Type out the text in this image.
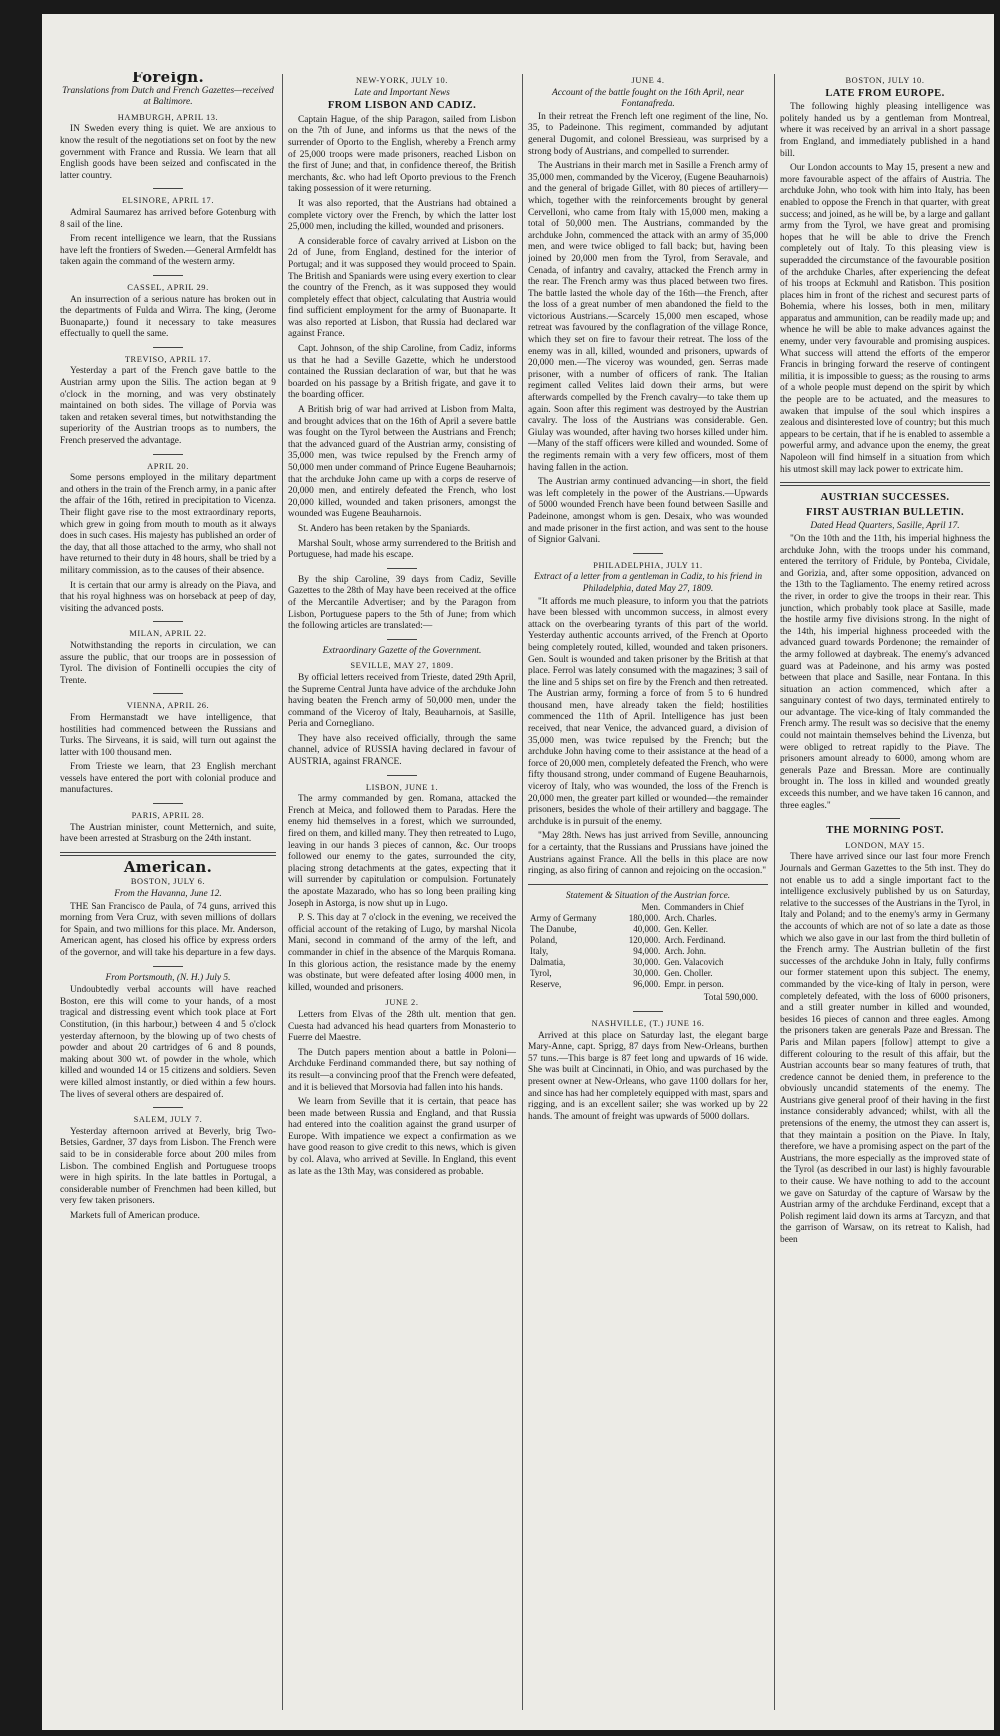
Foreign.
Translations from Dutch and French Gazettes—received at Baltimore.
HAMBURGH, APRIL 13.

IN Sweden every thing is quiet. We are anxious to know the result of the negotiations set on foot by the new government with France and Russia. We learn that all English goods have been seized and confiscated in the latter country.

ELSINORE, APRIL 17.

Admiral Saumarez has arrived before Gotenburg with 8 sail of the line.

From recent intelligence we learn, that the Russians have left the frontiers of Sweden.—General Armfeldt has taken again the command of the western army.

CASSEL, APRIL 29.

An insurrection of a serious nature has broken out in the departments of Fulda and Wirra. The king, (Jerome Buonaparte,) found it necessary to take measures effectually to quell the same.

TREVISO, APRIL 17.

Yesterday a part of the French gave battle to the Austrian army upon the Silis. The action began at 9 o'clock in the morning, and was very obstinately maintained on both sides. The village of Porvia was taken and retaken several times, but notwithstanding the superiority of the Austrian troops as to numbers, the French preserved the advantage.

APRIL 20.

Some persons employed in the military department and others in the train of the French army, in a panic after the affair of the 16th, retired in precipitation to Vicenza. Their flight gave rise to the most extraordinary reports, which grew in going from mouth to mouth as it always does in such cases. His majesty has published an order of the day, that all those attached to the army, who shall not have returned to their duty in 48 hours, shall be tried by a military commission, as to the causes of their absence.

It is certain that our army is already on the Piava, and that his royal highness was on horseback at peep of day, visiting the advanced posts.

MILAN, APRIL 22.

Notwithstanding the reports in circulation, we can assure the public, that our troops are in possession of Tyrol. The division of Fontinelli occupies the city of Trente.

VIENNA, APRIL 26.

From Hermanstadt we have intelligence, that hostilities had commenced between the Russians and Turks. The Sirveans, it is said, will turn out against the latter with 100 thousand men.

From Trieste we learn, that 23 English merchant vessels have entered the port with colonial produce and manufactures.

PARIS, APRIL 28.

The Austrian minister, count Metternich, and suite, have been arrested at Strasburg on the 24th instant.

American.
BOSTON, JULY 6.
From the Havanna, June 12.

THE San Francisco de Paula, of 74 guns, arrived this morning from Vera Cruz, with seven millions of dollars for Spain, and two millions for this place. Mr. Anderson, American agent, has closed his office by express orders of the governor, and will take his departure in a few days.

From Portsmouth, (N. H.) July 5.

Undoubtedly verbal accounts will have reached Boston, ere this will come to your hands, of a most tragical and distressing event which took place at Fort Constitution, (in this harbour,) between 4 and 5 o'clock yesterday afternoon, by the blowing up of two chests of powder and about 20 cartridges of 6 and 8 pounds, making about 300 wt. of powder in the whole, which killed and wounded 14 or 15 citizens and soldiers. Seven were killed almost instantly, or died within a few hours. The lives of several others are despaired of.

SALEM, JULY 7.

Yesterday afternoon arrived at Beverly, brig Two-Betsies, Gardner, 37 days from Lisbon. The French were said to be in considerable force about 200 miles from Lisbon. The combined English and Portuguese troops were in high spirits. In the late battles in Portugal, a considerable number of Frenchmen had been killed, but very few taken prisoners.

Markets full of American produce.

NEW-YORK, JULY 10.
Late and Important News
FROM LISBON AND CADIZ.

Captain Hague, of the ship Paragon, sailed from Lisbon on the 7th of June, and informs us that the news of the surrender of Oporto to the English, whereby a French army of 25,000 troops were made prisoners, reached Lisbon on the first of June; and that, in confidence thereof, the British merchants, &c. who had left Oporto previous to the French taking possession of it were returning.

It was also reported, that the Austrians had obtained a complete victory over the French, by which the latter lost 25,000 men, including the killed, wounded and prisoners.

A considerable force of cavalry arrived at Lisbon on the 2d of June, from England, destined for the interior of Portugal; and it was supposed they would proceed to Spain. The British and Spaniards were using every exertion to clear the country of the French, as it was supposed they would completely effect that object, calculating that Austria would find sufficient employment for the army of Buonaparte. It was also reported at Lisbon, that Russia had declared war against France.

Capt. Johnson, of the ship Caroline, from Cadiz, informs us that he had a Seville Gazette, which he understood contained the Russian declaration of war, but that he was boarded on his passage by a British frigate, and gave it to the boarding officer.

A British brig of war had arrived at Lisbon from Malta, and brought advices that on the 16th of April a severe battle was fought on the Tyrol between the Austrians and French; that the advanced guard of the Austrian army, consisting of 35,000 men, was twice repulsed by the French army of 50,000 men under command of Prince Eugene Beauharnois; that the archduke John came up with a corps de reserve of 20,000 men, and entirely defeated the French, who lost 20,000 killed, wounded and taken prisoners, amongst the wounded was Eugene Beauharnois.

St. Andero has been retaken by the Spaniards.

Marshal Soult, whose army surrendered to the British and Portuguese, had made his escape.

By the ship Caroline, 39 days from Cadiz, Seville Gazettes to the 28th of May have been received at the office of the Mercantile Advertiser; and by the Paragon from Lisbon, Portuguese papers to the 5th of June; from which the following articles are translated:—

Extraordinary Gazette of the Government.
SEVILLE, MAY 27, 1809.

By official letters received from Trieste, dated 29th April, the Supreme Central Junta have advice of the archduke John having beaten the French army of 50,000 men, under the command of the Viceroy of Italy, Beauharnois, at Sasille, Peria and Cornegliano.

They have also received officially, through the same channel, advice of RUSSIA having declared in favour of AUSTRIA, against FRANCE.

LISBON, JUNE 1.

The army commanded by gen. Romana, attacked the French at Meica, and followed them to Paradas. Here the enemy hid themselves in a forest, which we surrounded, fired on them, and killed many. They then retreated to Lugo, leaving in our hands 3 pieces of cannon, &c. Our troops followed our enemy to the gates, surrounded the city, placing strong detachments at the gates, expecting that it will surrender by capitulation or compulsion. Fortunately the apostate Mazarado, who has so long been prailing king Joseph in Astorga, is now shut up in Lugo.

P. S. This day at 7 o'clock in the evening, we received the official account of the retaking of Lugo, by marshal Nicola Mani, second in command of the army of the left, and commander in chief in the absence of the Marquis Romana. In this glorious action, the resistance made by the enemy was obstinate, but were defeated after losing 4000 men, in killed, wounded and prisoners.

JUNE 2.

Letters from Elvas of the 28th ult. mention that gen. Cuesta had advanced his head quarters from Monasterio to Fuerre del Maestre.

The Dutch papers mention about a battle in Poloni—Archduke Ferdinand commanded there, but say nothing of its result—a convincing proof that the French were defeated, and it is believed that Morsovia had fallen into his hands.

We learn from Seville that it is certain, that peace has been made between Russia and England, and that Russia had entered into the coalition against the grand usurper of Europe. With impatience we expect a confirmation as we have good reason to give credit to this news, which is given by col. Alava, who arrived at Seville. In England, this event as late as the 13th May, was considered as probable.

JUNE 4.
Account of the battle fought on the 16th April, near Fontanafreda.

In their retreat the French left one regiment of the line, No. 35, to Padeinone. This regiment, commanded by adjutant general Dugomit, and colonel Bressieau, was surprised by a strong body of Austrians, and compelled to surrender.

The Austrians in their march met in Sasille a French army of 35,000 men, commanded by the Viceroy, (Eugene Beauharnois) and the general of brigade Gillet, with 80 pieces of artillery—which, together with the reinforcements brought by general Cervelloni, who came from Italy with 15,000 men, making a total of 50,000 men. The Austrians, commanded by the archduke John, commenced the attack with an army of 35,000 men, and were twice obliged to fall back; but, having been joined by 20,000 men from the Tyrol, from Seravale, and Cenada, of infantry and cavalry, attacked the French army in the rear. The French army was thus placed between two fires. The battle lasted the whole day of the 16th—the French, after the loss of a great number of men abandoned the field to the victorious Austrians.—Scarcely 15,000 men escaped, whose retreat was favoured by the conflagration of the village Ronce, which they set on fire to favour their retreat. The loss of the enemy was in all, killed, wounded and prisoners, upwards of 20,000 men.—The viceroy was wounded, gen. Serras made prisoner, with a number of officers of rank. The Italian regiment called Velites laid down their arms, but were afterwards compelled by the French cavalry—to take them up again. Soon after this regiment was destroyed by the Austrian cavalry. The loss of the Austrians was considerable. Gen. Giulay was wounded, after having two horses killed under him.—Many of the staff officers were killed and wounded. Some of the regiments remain with a very few officers, most of them having fallen in the action.

The Austrian army continued advancing—in short, the field was left completely in the power of the Austrians.—Upwards of 5000 wounded French have been found between Sasille and Padeinone, amongst whom is gen. Desaix, who was wounded and made prisoner in the first action, and was sent to the house of Signior Galvani.

PHILADELPHIA, JULY 11.
Extract of a letter from a gentleman in Cadiz, to his friend in Philadelphia, dated May 27, 1809.

"It affords me much pleasure, to inform you that the patriots have been blessed with uncommon success, in almost every attack on the overbearing tyrants of this part of the world. Yesterday authentic accounts arrived, of the French at Oporto being completely routed, killed, wounded and taken prisoners. Gen. Soult is wounded and taken prisoner by the British at that place. Ferrol was lately consumed with the magazines; 3 sail of the line and 5 ships set on fire by the French and then retreated. The Austrian army, forming a force of from 5 to 6 hundred thousand men, have already taken the field; hostilities commenced the 11th of April. Intelligence has just been received, that near Venice, the advanced guard, a division of 35,000 men, was twice repulsed by the French; but the archduke John having come to their assistance at the head of a force of 20,000 men, completely defeated the French, who were fifty thousand strong, under command of Eugene Beauharnois, viceroy of Italy, who was wounded, the loss of the French is 20,000 men, the greater part killed or wounded—the remainder prisoners, besides the whole of their artillery and baggage. The archduke is in pursuit of the enemy.

"May 28th. News has just arrived from Seville, announcing for a certainty, that the Russians and Prussians have joined the Austrians against France. All the bells in this place are now ringing, as also firing of cannon and rejoicing on the occasion."

Statement & Situation of the Austrian force.
	Men.	Commanders in Chief
Army of Germany	180,000.	Arch. Charles.
The Danube,	40,000.	Gen. Keller.
Poland,	120,000.	Arch. Ferdinand.
Italy,	94,000.	Arch. John.
Dalmatia,	30,000.	Gen. Valacovich
Tyrol,	30,000.	Gen. Choller.
Reserve,	96,000.	Empr. in person.
Total 590,000.
NASHVILLE, (T.) JUNE 16.

Arrived at this place on Saturday last, the elegant barge Mary-Anne, capt. Sprigg, 87 days from New-Orleans, burthen 57 tuns.—This barge is 87 feet long and upwards of 16 wide. She was built at Cincinnati, in Ohio, and was purchased by the present owner at New-Orleans, who gave 1100 dollars for her, and since has had her completely equipped with mast, spars and rigging, and is an excellent sailer; she was worked up by 22 hands. The amount of freight was upwards of 5000 dollars.

BOSTON, JULY 10.
LATE FROM EUROPE.

The following highly pleasing intelligence was politely handed us by a gentleman from Montreal, where it was received by an arrival in a short passage from England, and immediately published in a hand bill.

Our London accounts to May 15, present a new and more favourable aspect of the affairs of Austria. The archduke John, who took with him into Italy, has been enabled to oppose the French in that quarter, with great success; and joined, as he will be, by a large and gallant army from the Tyrol, we have great and promising hopes that he will be able to drive the French completely out of Italy. To this pleasing view is superadded the circumstance of the favourable position of the archduke Charles, after experiencing the defeat of his troops at Eckmuhl and Ratisbon. This position places him in front of the richest and securest parts of Bohemia, where his losses, both in men, military apparatus and ammunition, can be readily made up; and whence he will be able to make advances against the enemy, under very favourable and promising auspices. What success will attend the efforts of the emperor Francis in bringing forward the reserve of contingent militia, it is impossible to guess; as the rousing to arms of a whole people must depend on the spirit by which the people are to be actuated, and the measures to awaken that impulse of the soul which inspires a zealous and disinterested love of country; but this much appears to be certain, that if he is enabled to assemble a powerful army, and advance upon the enemy, the great Napoleon will find himself in a situation from which his utmost skill may lack power to extricate him.

AUSTRIAN SUCCESSES.
FIRST AUSTRIAN BULLETIN.
Dated Head Quarters, Sasille, April 17.

"On the 10th and the 11th, his imperial highness the archduke John, with the troops under his command, entered the territory of Fridule, by Ponteba, Cividale, and Gorizia, and, after some opposition, advanced on the 13th to the Tagliamento. The enemy retired across the river, in order to give the troops in their rear. This junction, which probably took place at Sasille, made the hostile army five divisions strong. In the night of the 14th, his imperial highness proceeded with the advanced guard towards Pordenone; the remainder of the army followed at daybreak. The enemy's advanced guard was at Padeinone, and his army was posted between that place and Sasille, near Fontana. In this situation an action commenced, which after a sanguinary contest of two days, terminated entirely to our advantage. The vice-king of Italy commanded the French army. The result was so decisive that the enemy could not maintain themselves behind the Livenza, but were obliged to retreat rapidly to the Piave. The prisoners amount already to 6000, among whom are generals Paze and Bressan. More are continually brought in. The loss in killed and wounded greatly exceeds this number, and we have taken 16 cannon, and three eagles."

THE MORNING POST.
LONDON, MAY 15.

There have arrived since our last four more French Journals and German Gazettes to the 5th inst. They do not enable us to add a single important fact to the intelligence exclusively published by us on Saturday, relative to the successes of the Austrians in the Tyrol, in Italy and Poland; and to the enemy's army in Germany the accounts of which are not of so late a date as those which we also gave in our last from the third bulletin of the French army. The Austrian bulletin of the first successes of the archduke John in Italy, fully confirms our former statement upon this subject. The enemy, commanded by the vice-king of Italy in person, were completely defeated, with the loss of 6000 prisoners, and a still greater number in killed and wounded, besides 16 pieces of cannon and three eagles. Among the prisoners taken are generals Paze and Bressan. The Paris and Milan papers [follow] attempt to give a different colouring to the result of this affair, but the Austrian accounts bear so many features of truth, that credence cannot be denied them, in preference to the obviously uncandid statements of the enemy. The Austrians give general proof of their having in the first instance considerably advanced; whilst, with all the pretensions of the enemy, the utmost they can assert is, that they maintain a position on the Piave. In Italy, therefore, we have a promising aspect on the part of the Austrians, the more especially as the improved state of the Tyrol (as described in our last) is highly favourable to their cause. We have nothing to add to the account we gave on Saturday of the capture of Warsaw by the Austrian army of the archduke Ferdinand, except that a Polish regiment laid down its arms at Tarcyzn, and that the garrison of Warsaw, on its retreat to Kalish, had been
